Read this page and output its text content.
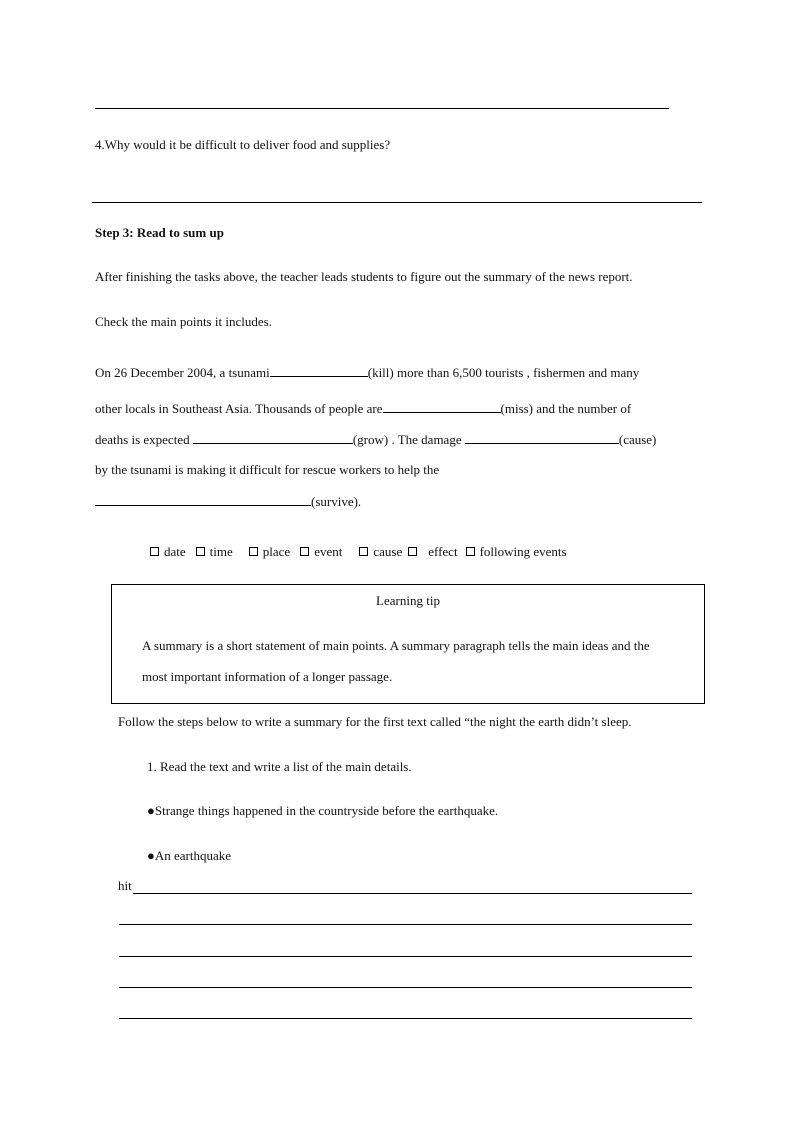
4.Why would it be difficult to deliver food and supplies?
Step 3: Read to sum up
After finishing the tasks above, the teacher leads students to figure out the summary of the news report.
Check the main points it includes.
On 26 December 2004, a tsunami	(kill) more than 6,500 tourists , fishermen and many
other locals in Southeast Asia. Thousands of people are	(miss) and the number of
deaths is expected	(grow) . The damage	(cause)
by the tsunami is making it difficult for rescue workers to help the
(survive).
date time place event cause effect following events
Learning tip
A summary is a short statement of main points. A summary paragraph tells the main ideas and the
most important information of a longer passage.
Follow the steps below to write a summary for the first text called “the night the earth didn’t sleep.
1. Read the text and write a list of the main details.
●Strange things happened in the countryside before the earthquake.
●An earthquake
hit
